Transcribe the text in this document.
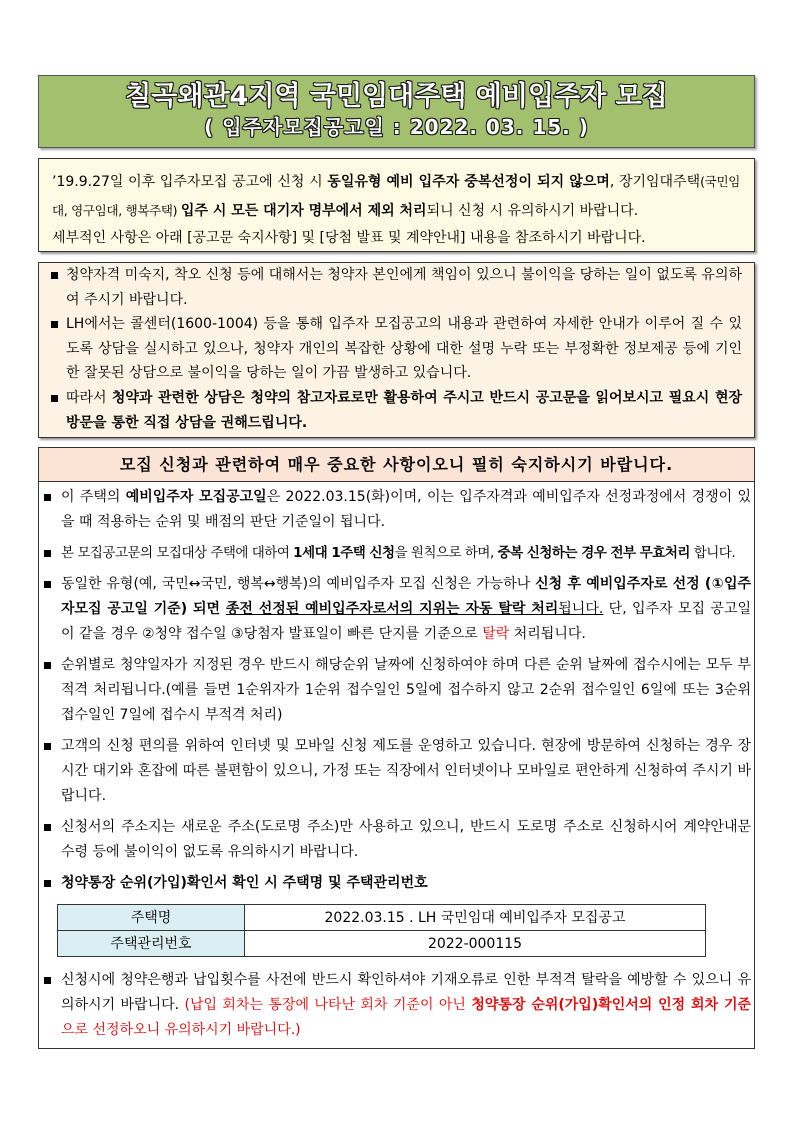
칠곡왜관4지역 국민임대주택 예비입주자 모집
( 입주자모집공고일 : 2022. 03. 15. )
’19.9.27일 이후 입주자모집 공고에 신청 시 동일유형 예비 입주자 중복선정이 되지 않으며, 장기임대주택(국민임대, 영구임대, 행복주택) 입주 시 모든 대기자 명부에서 제외 처리되니 신청 시 유의하시기 바랍니다.
세부적인 사항은 아래 [공고문 숙지사항] 및 [당첨 발표 및 계약안내] 내용을 참조하시기 바랍니다.
청약자격 미숙지, 착오 신청 등에 대해서는 청약자 본인에게 책임이 있으니 불이익을 당하는 일이 없도록 유의하여 주시기 바랍니다.
LH에서는 콜센터(1600-1004) 등을 통해 입주자 모집공고의 내용과 관련하여 자세한 안내가 이루어 질 수 있도록 상담을 실시하고 있으나, 청약자 개인의 복잡한 상황에 대한 설명 누락 또는 부정확한 정보제공 등에 기인한 잘못된 상담으로 불이익을 당하는 일이 가끔 발생하고 있습니다.
따라서 청약과 관련한 상담은 청약의 참고자료로만 활용하여 주시고 반드시 공고문을 읽어보시고 필요시 현장방문을 통한 직접 상담을 권해드립니다.
모집 신청과 관련하여 매우 중요한 사항이오니 필히 숙지하시기 바랍니다.
이 주택의 예비입주자 모집공고일은 2022.03.15(화)이며, 이는 입주자격과 예비입주자 선정과정에서 경쟁이 있을 때 적용하는 순위 및 배점의 판단 기준일이 됩니다.
본 모집공고문의 모집대상 주택에 대하여 1세대 1주택 신청을 원칙으로 하며, 중복 신청하는 경우 전부 무효처리 합니다.
동일한 유형(예, 국민↔국민, 행복↔행복)의 예비입주자 모집 신청은 가능하나 신청 후 예비입주자로 선정 (①입주자모집 공고일 기준) 되면 종전 선정된 예비입주자로서의 지위는 자동 탈락 처리됩니다. 단, 입주자 모집 공고일이 같을 경우 ②청약 접수일 ③당첨자 발표일이 빠른 단지를 기준으로 탈락 처리됩니다.
순위별로 청약일자가 지정된 경우 반드시 해당순위 날짜에 신청하여야 하며 다른 순위 날짜에 접수시에는 모두 부적격 처리됩니다.(예를 들면 1순위자가 1순위 접수일인 5일에 접수하지 않고 2순위 접수일인 6일에 또는 3순위 접수일인 7일에 접수시 부적격 처리)
고객의 신청 편의를 위하여 인터넷 및 모바일 신청 제도를 운영하고 있습니다. 현장에 방문하여 신청하는 경우 장시간 대기와 혼잡에 따른 불편함이 있으니, 가정 또는 직장에서 인터넷이나 모바일로 편안하게 신청하여 주시기 바랍니다.
신청서의 주소지는 새로운 주소(도로명 주소)만 사용하고 있으니, 반드시 도로명 주소로 신청하시어 계약안내문 수령 등에 불이익이 없도록 유의하시기 바랍니다.
청약통장 순위(가입)확인서 확인 시 주택명 및 주택관리번호
주택명	2022.03.15 . LH 국민임대 예비입주자 모집공고
주택관리번호	2022-000115
신청시에 청약은행과 납입횟수를 사전에 반드시 확인하셔야 기재오류로 인한 부적격 탈락을 예방할 수 있으니 유의하시기 바랍니다. (납입 회차는 통장에 나타난 회차 기준이 아닌 청약통장 순위(가입)확인서의 인정 회차 기준으로 선정하오니 유의하시기 바랍니다.)
